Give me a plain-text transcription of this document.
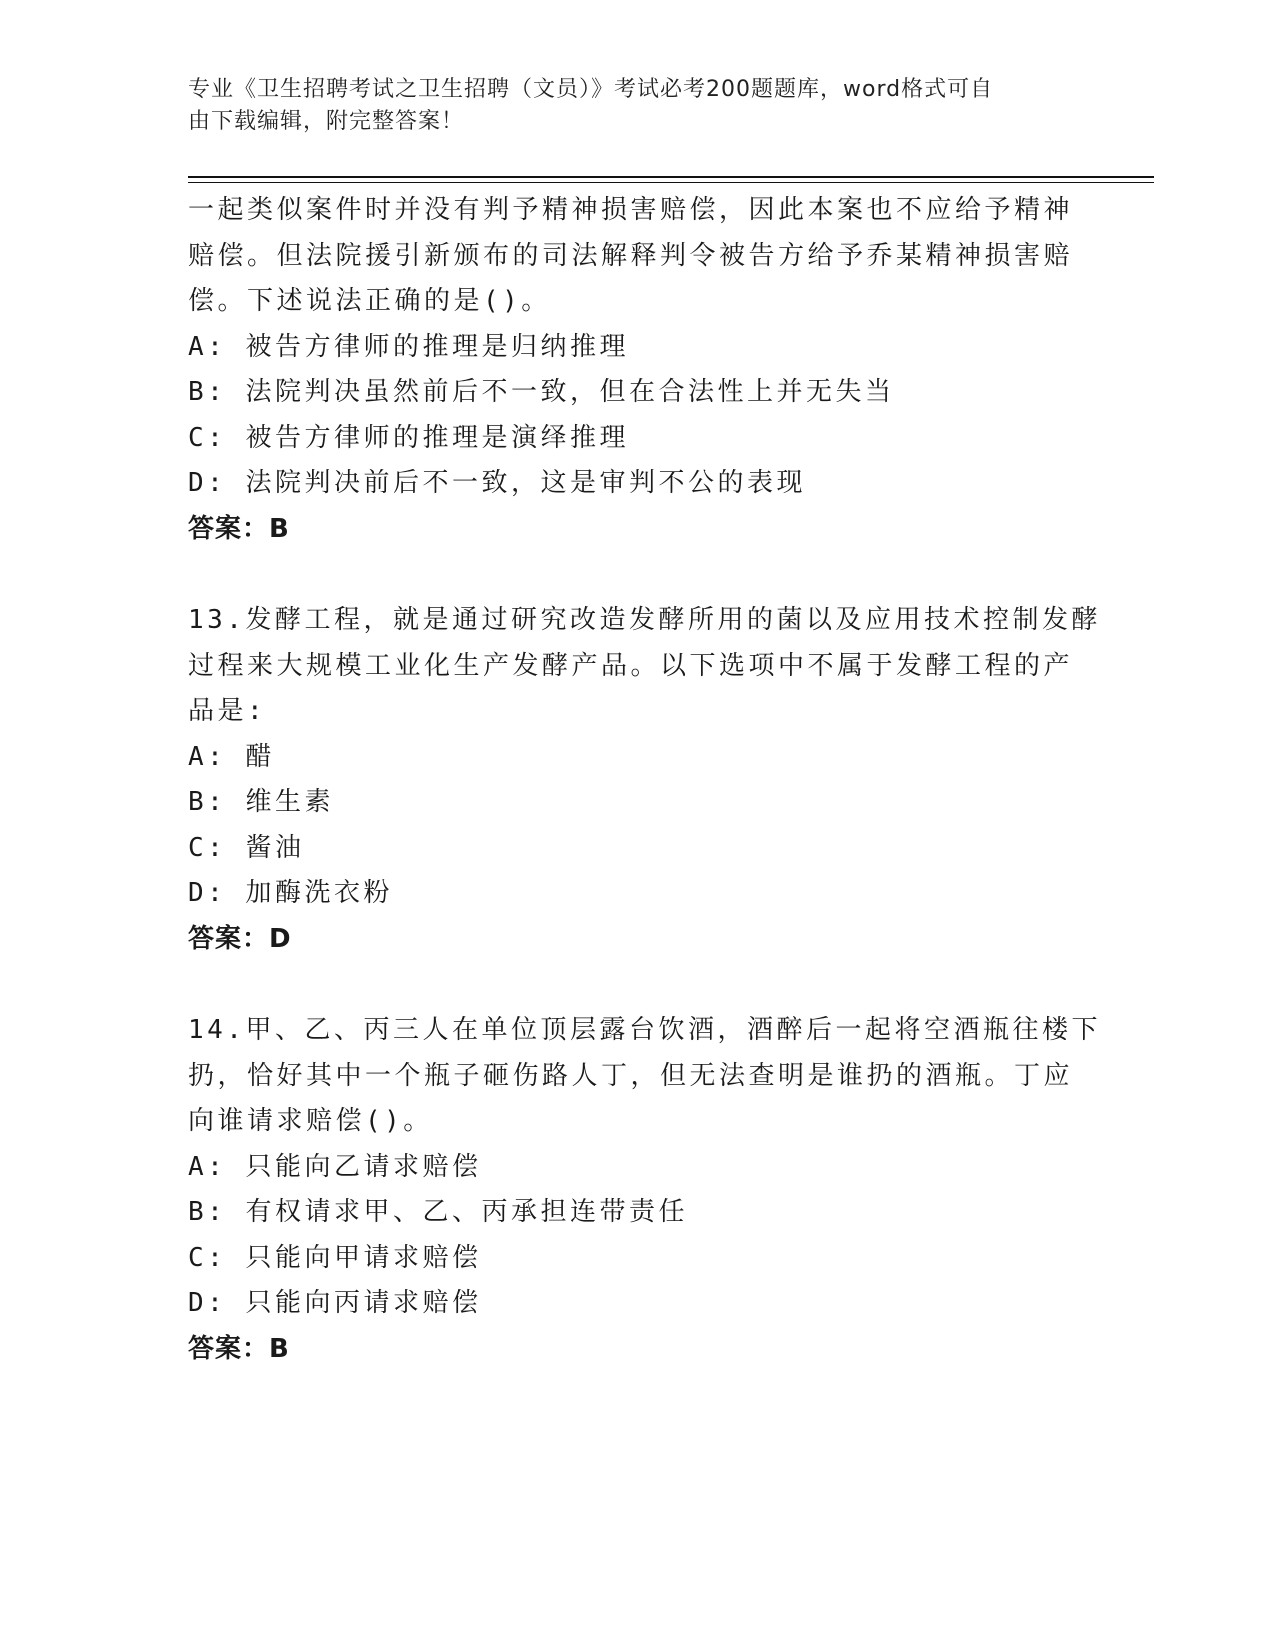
专业《卫生招聘考试之卫生招聘（文员）》考试必考200题题库，word格式可自
由下载编辑，附完整答案！
一起类似案件时并没有判予精神损害赔偿，因此本案也不应给予精神
赔偿。但法院援引新颁布的司法解释判令被告方给予乔某精神损害赔
偿。下述说法正确的是()。
A: 被告方律师的推理是归纳推理
B: 法院判决虽然前后不一致，但在合法性上并无失当
C: 被告方律师的推理是演绎推理
D: 法院判决前后不一致，这是审判不公的表现
答案：B
13.发酵工程，就是通过研究改造发酵所用的菌以及应用技术控制发酵
过程来大规模工业化生产发酵产品。以下选项中不属于发酵工程的产
品是:
A: 醋
B: 维生素
C: 酱油
D: 加酶洗衣粉
答案：D
14.甲、乙、丙三人在单位顶层露台饮酒，酒醉后一起将空酒瓶往楼下
扔，恰好其中一个瓶子砸伤路人丁，但无法查明是谁扔的酒瓶。丁应
向谁请求赔偿()。
A: 只能向乙请求赔偿
B: 有权请求甲、乙、丙承担连带责任
C: 只能向甲请求赔偿
D: 只能向丙请求赔偿
答案：B
